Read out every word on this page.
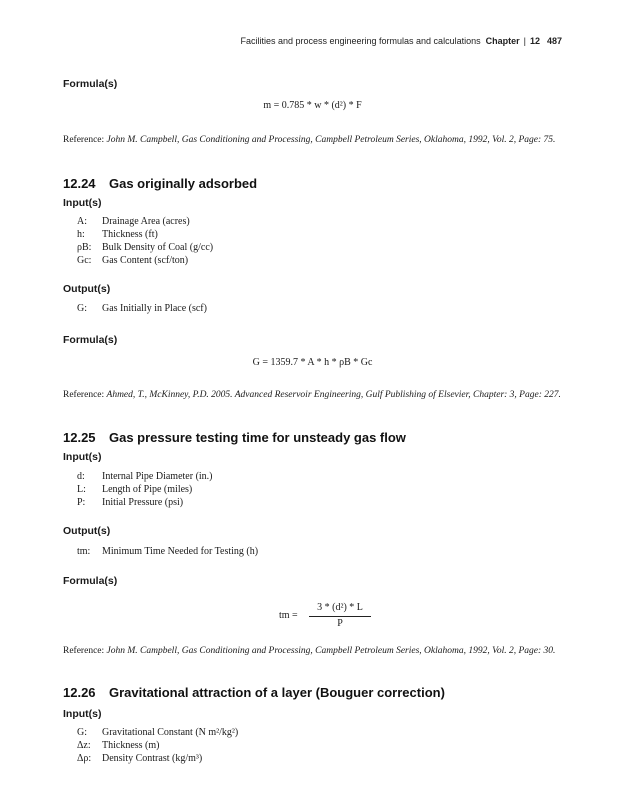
Facilities and process engineering formulas and calculations Chapter | 12 487
Formula(s)
m = 0.785 * w * (d²) * F
Reference: John M. Campbell, Gas Conditioning and Processing, Campbell Petroleum Series, Oklahoma, 1992, Vol. 2, Page: 75.
12.24 Gas originally adsorbed
Input(s)
A: Drainage Area (acres)
h: Thickness (ft)
ρB: Bulk Density of Coal (g/cc)
Gc: Gas Content (scf/ton)
Output(s)
G: Gas Initially in Place (scf)
Formula(s)
G = 1359.7 * A * h * ρB * Gc
Reference: Ahmed, T., McKinney, P.D. 2005. Advanced Reservoir Engineering, Gulf Publishing of Elsevier, Chapter: 3, Page: 227.
12.25 Gas pressure testing time for unsteady gas flow
Input(s)
d: Internal Pipe Diameter (in.)
L: Length of Pipe (miles)
P: Initial Pressure (psi)
Output(s)
tm: Minimum Time Needed for Testing (h)
Formula(s)
tm =
3 * (d²) * L
P
Reference: John M. Campbell, Gas Conditioning and Processing, Campbell Petroleum Series, Oklahoma, 1992, Vol. 2, Page: 30.
12.26 Gravitational attraction of a layer (Bouguer correction)
Input(s)
G: Gravitational Constant (N m²/kg²)
Δz: Thickness (m)
Δρ: Density Contrast (kg/m³)
